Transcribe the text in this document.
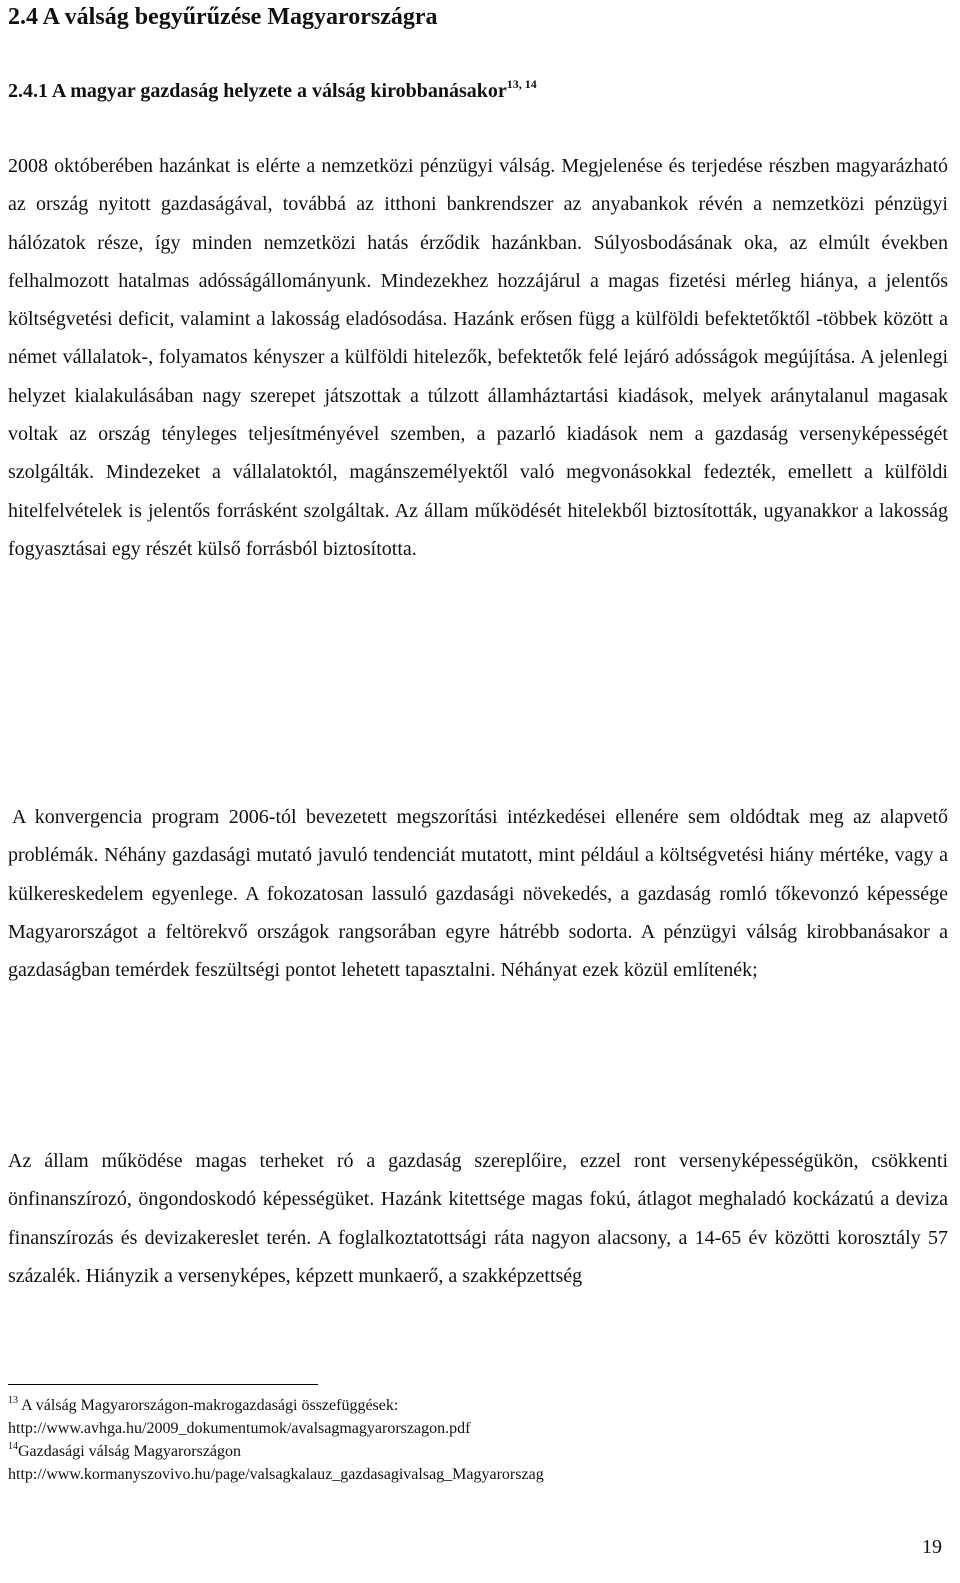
2.4 A válság begyűrűzése Magyarországra
2.4.1 A magyar gazdaság helyzete a válság kirobbanásakor$^{13, 14}$

2008 októberében hazánkat is elérte a nemzetközi pénzügyi válság. Megjelenése és terjedése részben magyarázható az ország nyitott gazdaságával, továbbá az itthoni bankrendszer az anyabankok révén a nemzetközi pénzügyi hálózatok része, így minden nemzetközi hatás érződik hazánkban. Súlyosbodásának oka, az elmúlt években felhalmozott hatalmas adósságállományunk. Mindezekhez hozzájárul a magas fizetési mérleg hiánya, a jelentős költségvetési deficit, valamint a lakosság eladósodása. Hazánk erősen függ a külföldi befektetőktől -többek között a német vállalatok-, folyamatos kényszer a külföldi hitelezők, befektetők felé lejáró adósságok megújítása. A jelenlegi helyzet kialakulásában nagy szerepet játszottak a túlzott államháztartási kiadások, melyek aránytalanul magasak voltak az ország tényleges teljesítményével szemben, a pazarló kiadások nem a gazdaság versenyképességét szolgálták. Mindezeket a vállalatoktól, magánszemélyektől való megvonásokkal fedezték, emellett a külföldi hitelfelvételek is jelentős forrásként szolgáltak. Az állam működését hitelekből biztosították, ugyanakkor a lakosság fogyasztásai egy részét külső forrásból biztosította.

A konvergencia program 2006-tól bevezetett megszorítási intézkedései ellenére sem oldódtak meg az alapvető problémák. Néhány gazdasági mutató javuló tendenciát mutatott, mint például a költségvetési hiány mértéke, vagy a külkereskedelem egyenlege. A fokozatosan lassuló gazdasági növekedés, a gazdaság romló tőkevonzó képessége Magyarországot a feltörekvő országok rangsorában egyre hátrébb sodorta. A pénzügyi válság kirobbanásakor a gazdaságban temérdek feszültségi pontot lehetett tapasztalni. Néhányat ezek közül említenék;

Az állam működése magas terheket ró a gazdaság szereplőire, ezzel ront versenyképességükön, csökkenti önfinanszírozó, öngondoskodó képességüket. Hazánk kitettsége magas fokú, átlagot meghaladó kockázatú a deviza finanszírozás és devizakereslet terén. A foglalkoztatottsági ráta nagyon alacsony, a 14-65 év közötti korosztály 57 százalék. Hiányzik a versenyképes, képzett munkaerő, a szakképzettség

$^{13}$ A válság Magyarországon-makrogazdasági összefüggések:
http://www.avhga.hu/2009_dokumentumok/avalsagmagyarorszagon.pdf
$^{14}$Gazdasági válság Magyarországon
http://www.kormanyszovivo.hu/page/valsagkalauz_gazdasagivalsag_Magyarorszag
19
